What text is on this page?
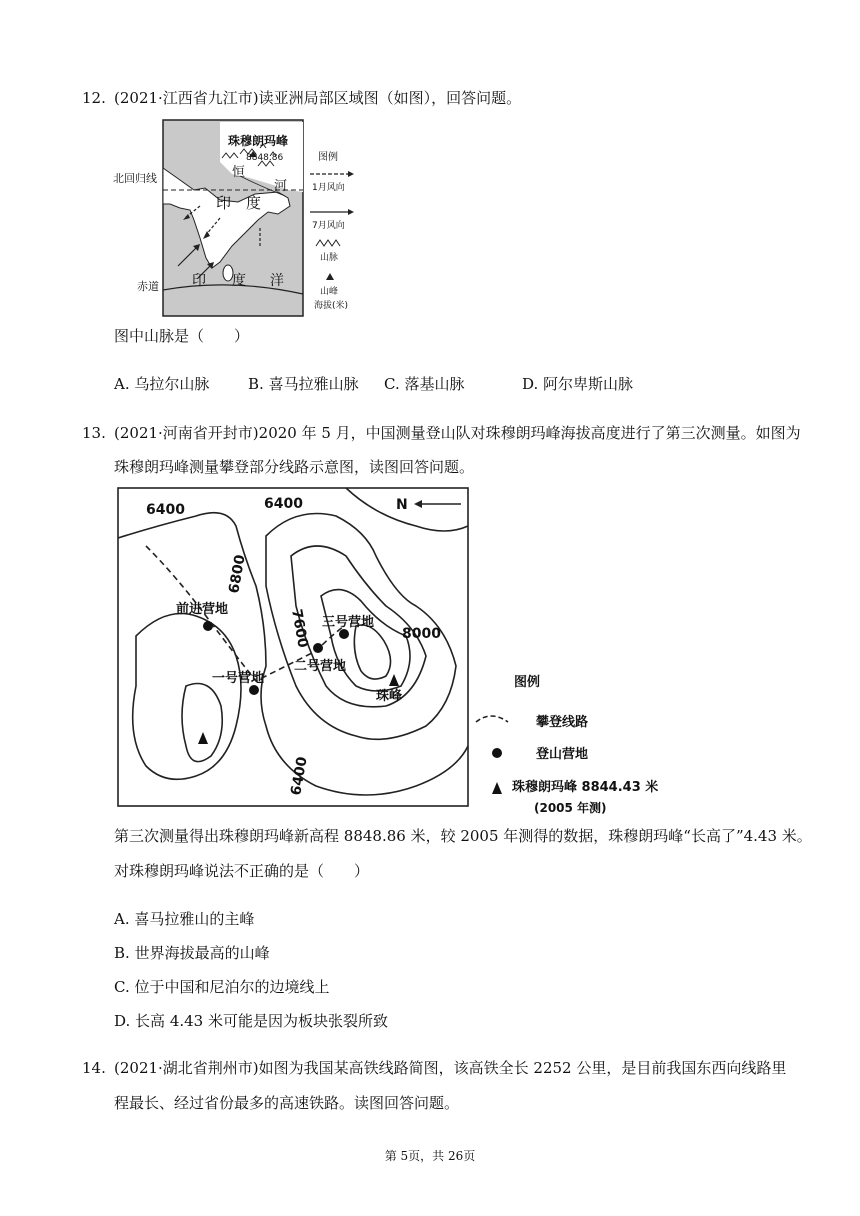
12. (2021·江西省九江市)读亚洲局部区域图（如图），回答问题。
珠穆朗玛峰
8848.86
恒
河
印 度
印 度 洋
图例
1月风向
7月风向
山脉
山峰
海拔(米)
北回归线
赤道
图中山脉是（　　）
A. 乌拉尔山脉	B. 喜马拉雅山脉 C. 落基山脉	D. 阿尔卑斯山脉
13. (2021·河南省开封市)2020 年 5 月，中国测量登山队对珠穆朗玛峰海拔高度进行了第三次测量。如图为
珠穆朗玛峰测量攀登部分线路示意图，读图回答问题。
N
6400	6400
6800
7600	8000
6400
前进营地
一号营地
二号营地
三号营地
珠峰
图例
攀登线路
登山营地
珠穆朗玛峰 8844.43 米
(2005 年测)
第三次测量得出珠穆朗玛峰新高程 8848.86 米，较 2005 年测得的数据，珠穆朗玛峰“长高了”4.43 米。
对珠穆朗玛峰说法不正确的是（　　）
A. 喜马拉雅山的主峰
B. 世界海拔最高的山峰
C. 位于中国和尼泊尔的边境线上
D. 长高 4.43 米可能是因为板块张裂所致
14. (2021·湖北省荆州市)如图为我国某高铁线路简图，该高铁全长 2252 公里，是目前我国东西向线路里
程最长、经过省份最多的高速铁路。读图回答问题。
第 5页，共 26页
